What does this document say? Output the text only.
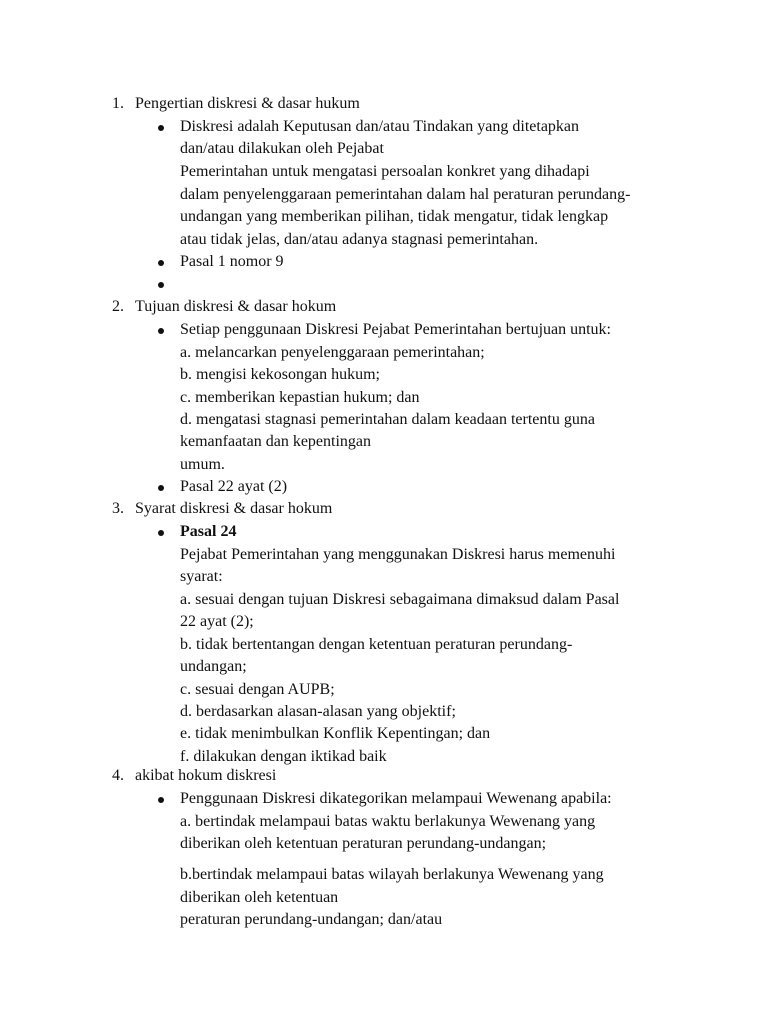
1. Pengertian diskresi & dasar hukum
Diskresi adalah Keputusan dan/atau Tindakan yang ditetapkan
dan/atau dilakukan oleh Pejabat
Pemerintahan untuk mengatasi persoalan konkret yang dihadapi
dalam penyelenggaraan pemerintahan dalam hal peraturan perundang-
undangan yang memberikan pilihan, tidak mengatur, tidak lengkap
atau tidak jelas, dan/atau adanya stagnasi pemerintahan.
Pasal 1 nomor 9
2. Tujuan diskresi & dasar hokum
Setiap penggunaan Diskresi Pejabat Pemerintahan bertujuan untuk:
a. melancarkan penyelenggaraan pemerintahan;
b. mengisi kekosongan hukum;
c. memberikan kepastian hukum; dan
d. mengatasi stagnasi pemerintahan dalam keadaan tertentu guna
kemanfaatan dan kepentingan
umum.
Pasal 22 ayat (2)
3. Syarat diskresi & dasar hokum
Pasal 24
Pejabat Pemerintahan yang menggunakan Diskresi harus memenuhi
syarat:
a. sesuai dengan tujuan Diskresi sebagaimana dimaksud dalam Pasal
22 ayat (2);
b. tidak bertentangan dengan ketentuan peraturan perundang-
undangan;
c. sesuai dengan AUPB;
d. berdasarkan alasan-alasan yang objektif;
e. tidak menimbulkan Konflik Kepentingan; dan
f. dilakukan dengan iktikad baik
4. akibat hokum diskresi
Penggunaan Diskresi dikategorikan melampaui Wewenang apabila:
a. bertindak melampaui batas waktu berlakunya Wewenang yang
diberikan oleh ketentuan peraturan perundang-undangan;
b.bertindak melampaui batas wilayah berlakunya Wewenang yang
diberikan oleh ketentuan
peraturan perundang-undangan; dan/atau
